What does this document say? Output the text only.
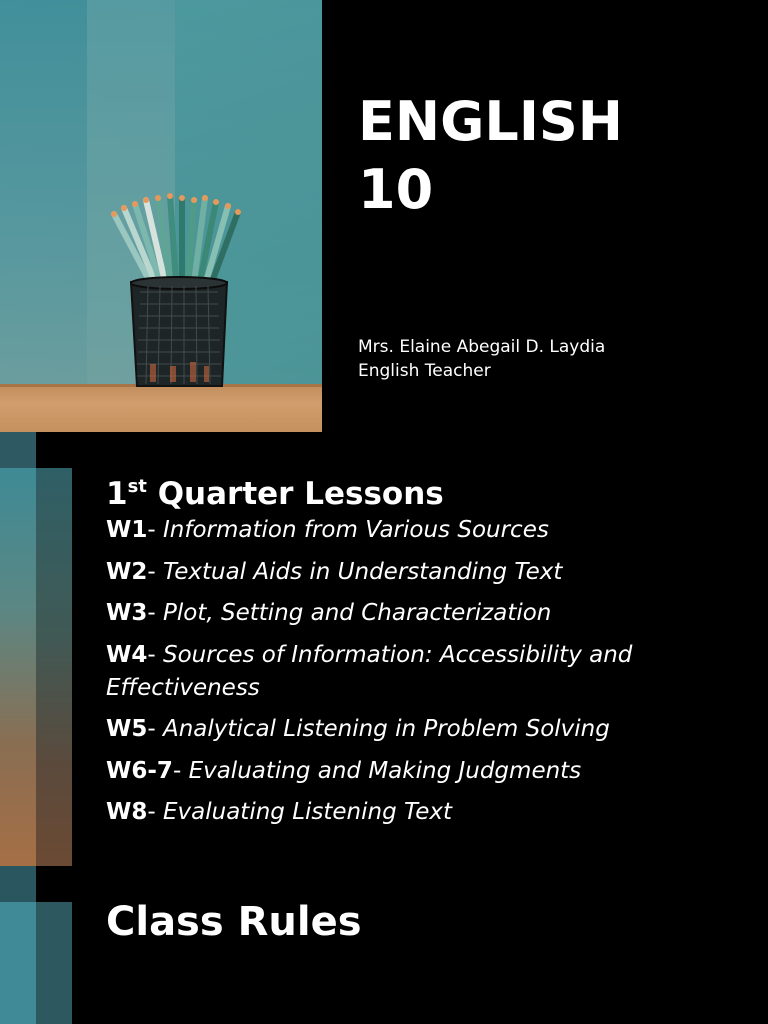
ENGLISH
10
Mrs. Elaine Abegail D. Laydia
English Teacher
1st Quarter Lessons
W1- Information from Various Sources
W2- Textual Aids in Understanding Text
W3- Plot, Setting and Characterization
W4- Sources of Information: Accessibility and Effectiveness
W5- Analytical Listening in Problem Solving
W6-7- Evaluating and Making Judgments
W8- Evaluating Listening Text
Class Rules
